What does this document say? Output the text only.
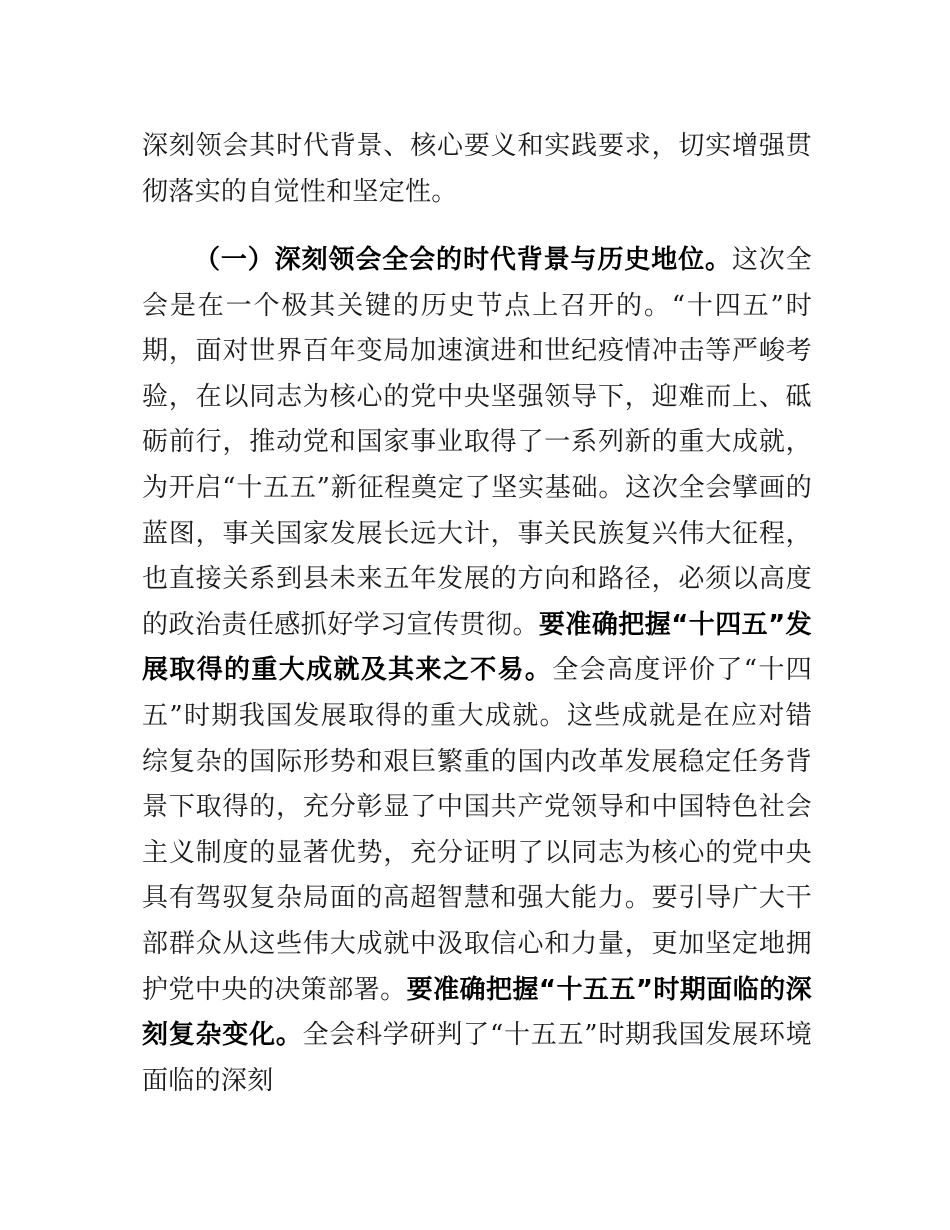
深刻领会其时代背景、核心要义和实践要求，切实增强贯彻落实的自觉性和坚定性。

（一）深刻领会全会的时代背景与历史地位。这次全会是在一个极其关键的历史节点上召开的。“十四五”时期，面对世界百年变局加速演进和世纪疫情冲击等严峻考验，在以同志为核心的党中央坚强领导下，迎难而上、砥砺前行，推动党和国家事业取得了一系列新的重大成就，为开启“十五五”新征程奠定了坚实基础。这次全会擘画的蓝图，事关国家发展长远大计，事关民族复兴伟大征程，也直接关系到县未来五年发展的方向和路径，必须以高度的政治责任感抓好学习宣传贯彻。要准确把握“十四五”发展取得的重大成就及其来之不易。全会高度评价了“十四五”时期我国发展取得的重大成就。这些成就是在应对错综复杂的国际形势和艰巨繁重的国内改革发展稳定任务背景下取得的，充分彰显了中国共产党领导和中国特色社会主义制度的显著优势，充分证明了以同志为核心的党中央具有驾驭复杂局面的高超智慧和强大能力。要引导广大干部群众从这些伟大成就中汲取信心和力量，更加坚定地拥护党中央的决策部署。要准确把握“十五五”时期面临的深刻复杂变化。全会科学研判了“十五五”时期我国发展环境面临的深刻
